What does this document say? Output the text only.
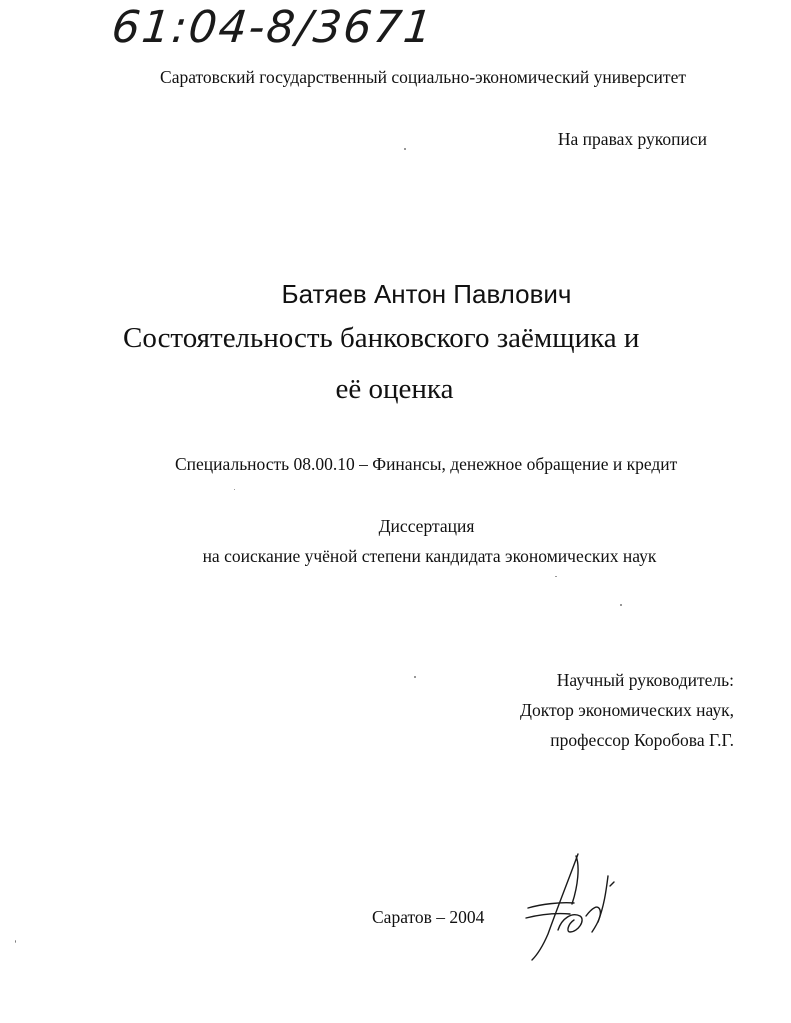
61:04-8/3671
Саратовский государственный социально-экономический университет
На правах рукописи
Батяев Антон Павлович
Состоятельность банковского заёмщика и
её оценка
Специальность 08.00.10 – Финансы, денежное обращение и кредит
Диссертация
на соискание учёной степени кандидата экономических наук
Научный руководитель:
Доктор экономических наук,
профессор Коробова Г.Г.
Саратов – 2004
